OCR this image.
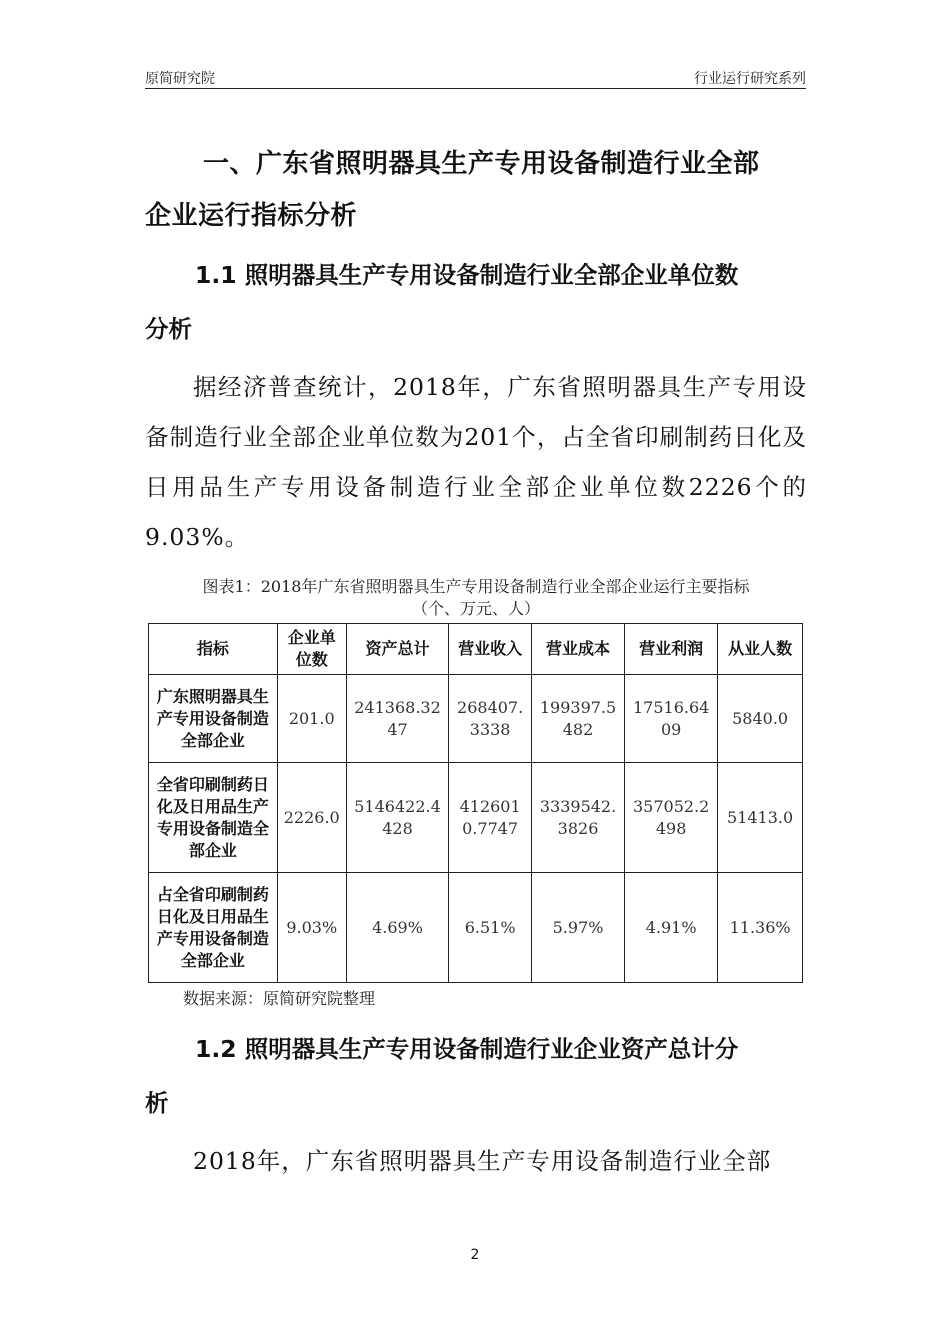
原简研究院	行业运行研究系列
一、广东省照明器具生产专用设备制造行业全部
企业运行指标分析
1.1 照明器具生产专用设备制造行业全部企业单位数
分析
据经济普查统计，2018年，广东省照明器具生产专用设备制造行业全部企业单位数为201个，占全省印刷制药日化及日用品生产专用设备制造行业全部企业单位数2226个的9.03%。
图表1：2018年广东省照明器具生产专用设备制造行业全部企业运行主要指标
（个、万元、人）
指标	企业单位数	资产总计	营业收入	营业成本	营业利润	从业人数
广东照明器具生产专用设备制造全部企业	201.0	241368.3247	268407.3338	199397.5482	17516.6409	5840.0
全省印刷制药日化及日用品生产专用设备制造全部企业	2226.0	5146422.4428	4126010.7747	3339542.3826	357052.2498	51413.0
占全省印刷制药日化及日用品生产专用设备制造全部企业	9.03%	4.69%	6.51%	5.97%	4.91%	11.36%
数据来源：原简研究院整理
1.2 照明器具生产专用设备制造行业企业资产总计分
析
2018年，广东省照明器具生产专用设备制造行业全部
2
